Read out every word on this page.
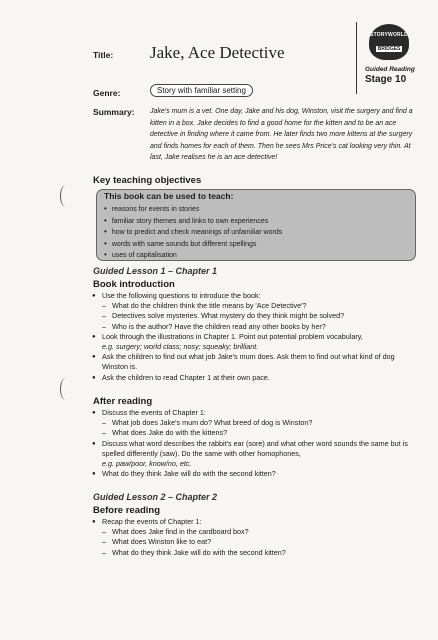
Title: Jake, Ace Detective
Genre:	Story with familiar setting
Summary: Jake's mum is a vet. One day, Jake and his dog, Winston, visit the surgery and find a kitten in a box. Jake decides to find a good home for the kitten and to be an ace detective in finding where it came from. He later finds two more kittens at the surgery and finds homes for each of them. Then he sees Mrs Price's cat looking very thin. At last, Jake realises he is an ace detective!
STORYWORLD
BRIDGES
Guided Reading
Stage 10
Key teaching objectives
This book can be used to teach:
• reasons for events in stories
• familiar story themes and links to own experiences
• how to predict and check meanings of unfamiliar words
• words with same sounds but different spellings
• uses of capitalisation
Guided Lesson 1 – Chapter 1
Book introduction
● Use the following questions to introduce the book:
– What do the children think the title means by 'Ace Detective'?
– Detectives solve mysteries. What mystery do they think might be solved?
– Who is the author? Have the children read any other books by her?
● Look through the illustrations in Chapter 1. Point out potential problem vocabulary,
e.g. surgery; world class; nosy; squeaky; brilliant.
● Ask the children to find out what job Jake's mum does. Ask them to find out what kind of dog Winston is.
● Ask the children to read Chapter 1 at their own pace.
After reading
● Discuss the events of Chapter 1:
– What job does Jake's mum do? What breed of dog is Winston?
– What does Jake do with the kittens?
● Discuss what word describes the rabbit's ear (sore) and what other word sounds the same but is spelled differently (saw). Do the same with other homophones,
e.g. paw/poor, know/no, etc.
● What do they think Jake will do with the second kitten?
Guided Lesson 2 – Chapter 2
Before reading
● Recap the events of Chapter 1:
– What does Jake find in the cardboard box?
– What does Winston like to eat?
– What do they think Jake will do with the second kitten?
